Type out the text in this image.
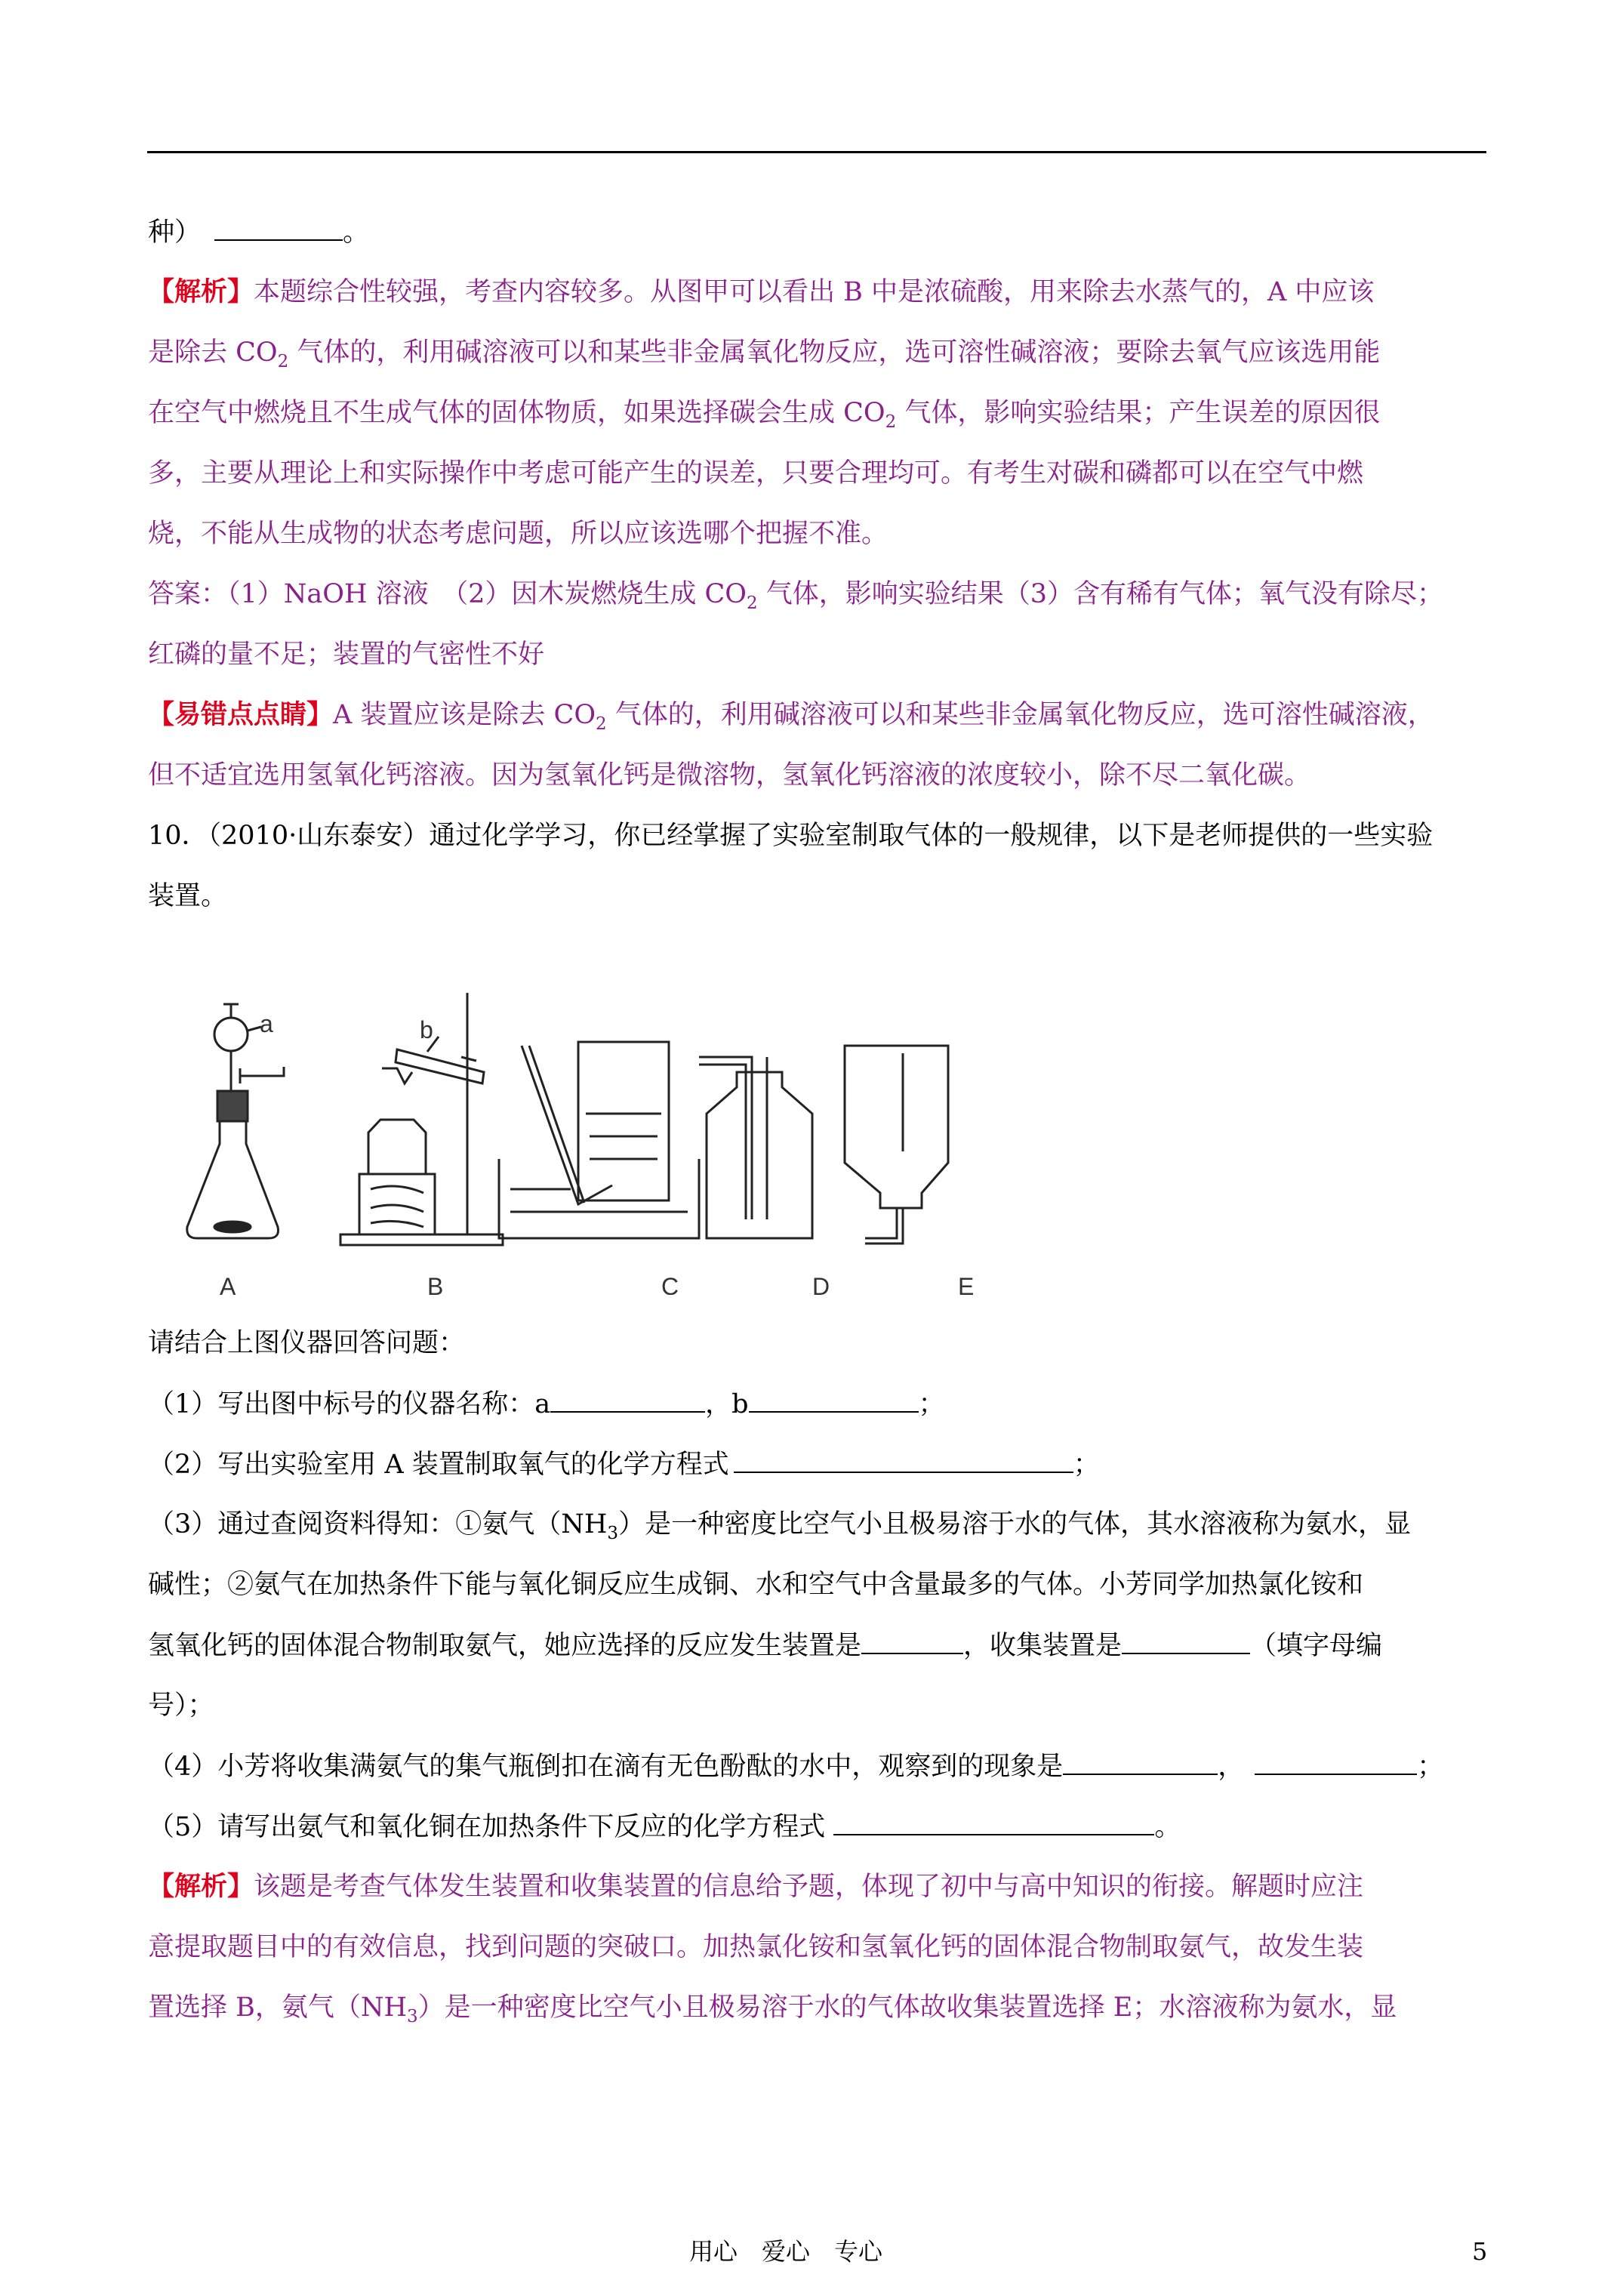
种）	。
【解析】本题综合性较强，考查内容较多。从图甲可以看出 B 中是浓硫酸，用来除去水蒸气的，A 中应该
是除去 $CO_2$ 气体的，利用碱溶液可以和某些非金属氧化物反应，选可溶性碱溶液；要除去氧气应该选用能
在空气中燃烧且不生成气体的固体物质，如果选择碳会生成 $CO_2$ 气体，影响实验结果；产生误差的原因很
多，主要从理论上和实际操作中考虑可能产生的误差，只要合理均可。有考生对碳和磷都可以在空气中燃
烧，不能从生成物的状态考虑问题，所以应该选哪个把握不准。
答案：（1）NaOH 溶液　（2）因木炭燃烧生成 $CO_2$ 气体，影响实验结果（3）含有稀有气体；氧气没有除尽；
红磷的量不足；装置的气密性不好
【易错点点睛】A 装置应该是除去 $CO_2$ 气体的，利用碱溶液可以和某些非金属氧化物反应，选可溶性碱溶液，
但不适宜选用氢氧化钙溶液。因为氢氧化钙是微溶物，氢氧化钙溶液的浓度较小，除不尽二氧化碳。
10．（2010·山东泰安）通过化学学习，你已经掌握了实验室制取气体的一般规律，以下是老师提供的一些实验
装置。
a	b
A	B	C	D	E
请结合上图仪器回答问题：
（1）写出图中标号的仪器名称：a	，b	；
（2）写出实验室用 A 装置制取氧气的化学方程式	；
（3）通过查阅资料得知：①氨气$(NH_3)$是一种密度比空气小且极易溶于水的气体，其水溶液称为氨水，显
碱性；②氨气在加热条件下能与氧化铜反应生成铜、水和空气中含量最多的气体。小芳同学加热氯化铵和
氢氧化钙的固体混合物制取氨气，她应选择的反应发生装置是	，收集装置是	（填字母编
号）；
（4）小芳将收集满氨气的集气瓶倒扣在滴有无色酚酞的水中，观察到的现象是	，	；
（5）请写出氨气和氧化铜在加热条件下反应的化学方程式	。
【解析】该题是考查气体发生装置和收集装置的信息给予题，体现了初中与高中知识的衔接。解题时应注
意提取题目中的有效信息，找到问题的突破口。加热氯化铵和氢氧化钙的固体混合物制取氨气，故发生装
置选择 B，氨气$(NH_3)$是一种密度比空气小且极易溶于水的气体故收集装置选择 E；水溶液称为氨水，显
用心　爱心　专心	5
